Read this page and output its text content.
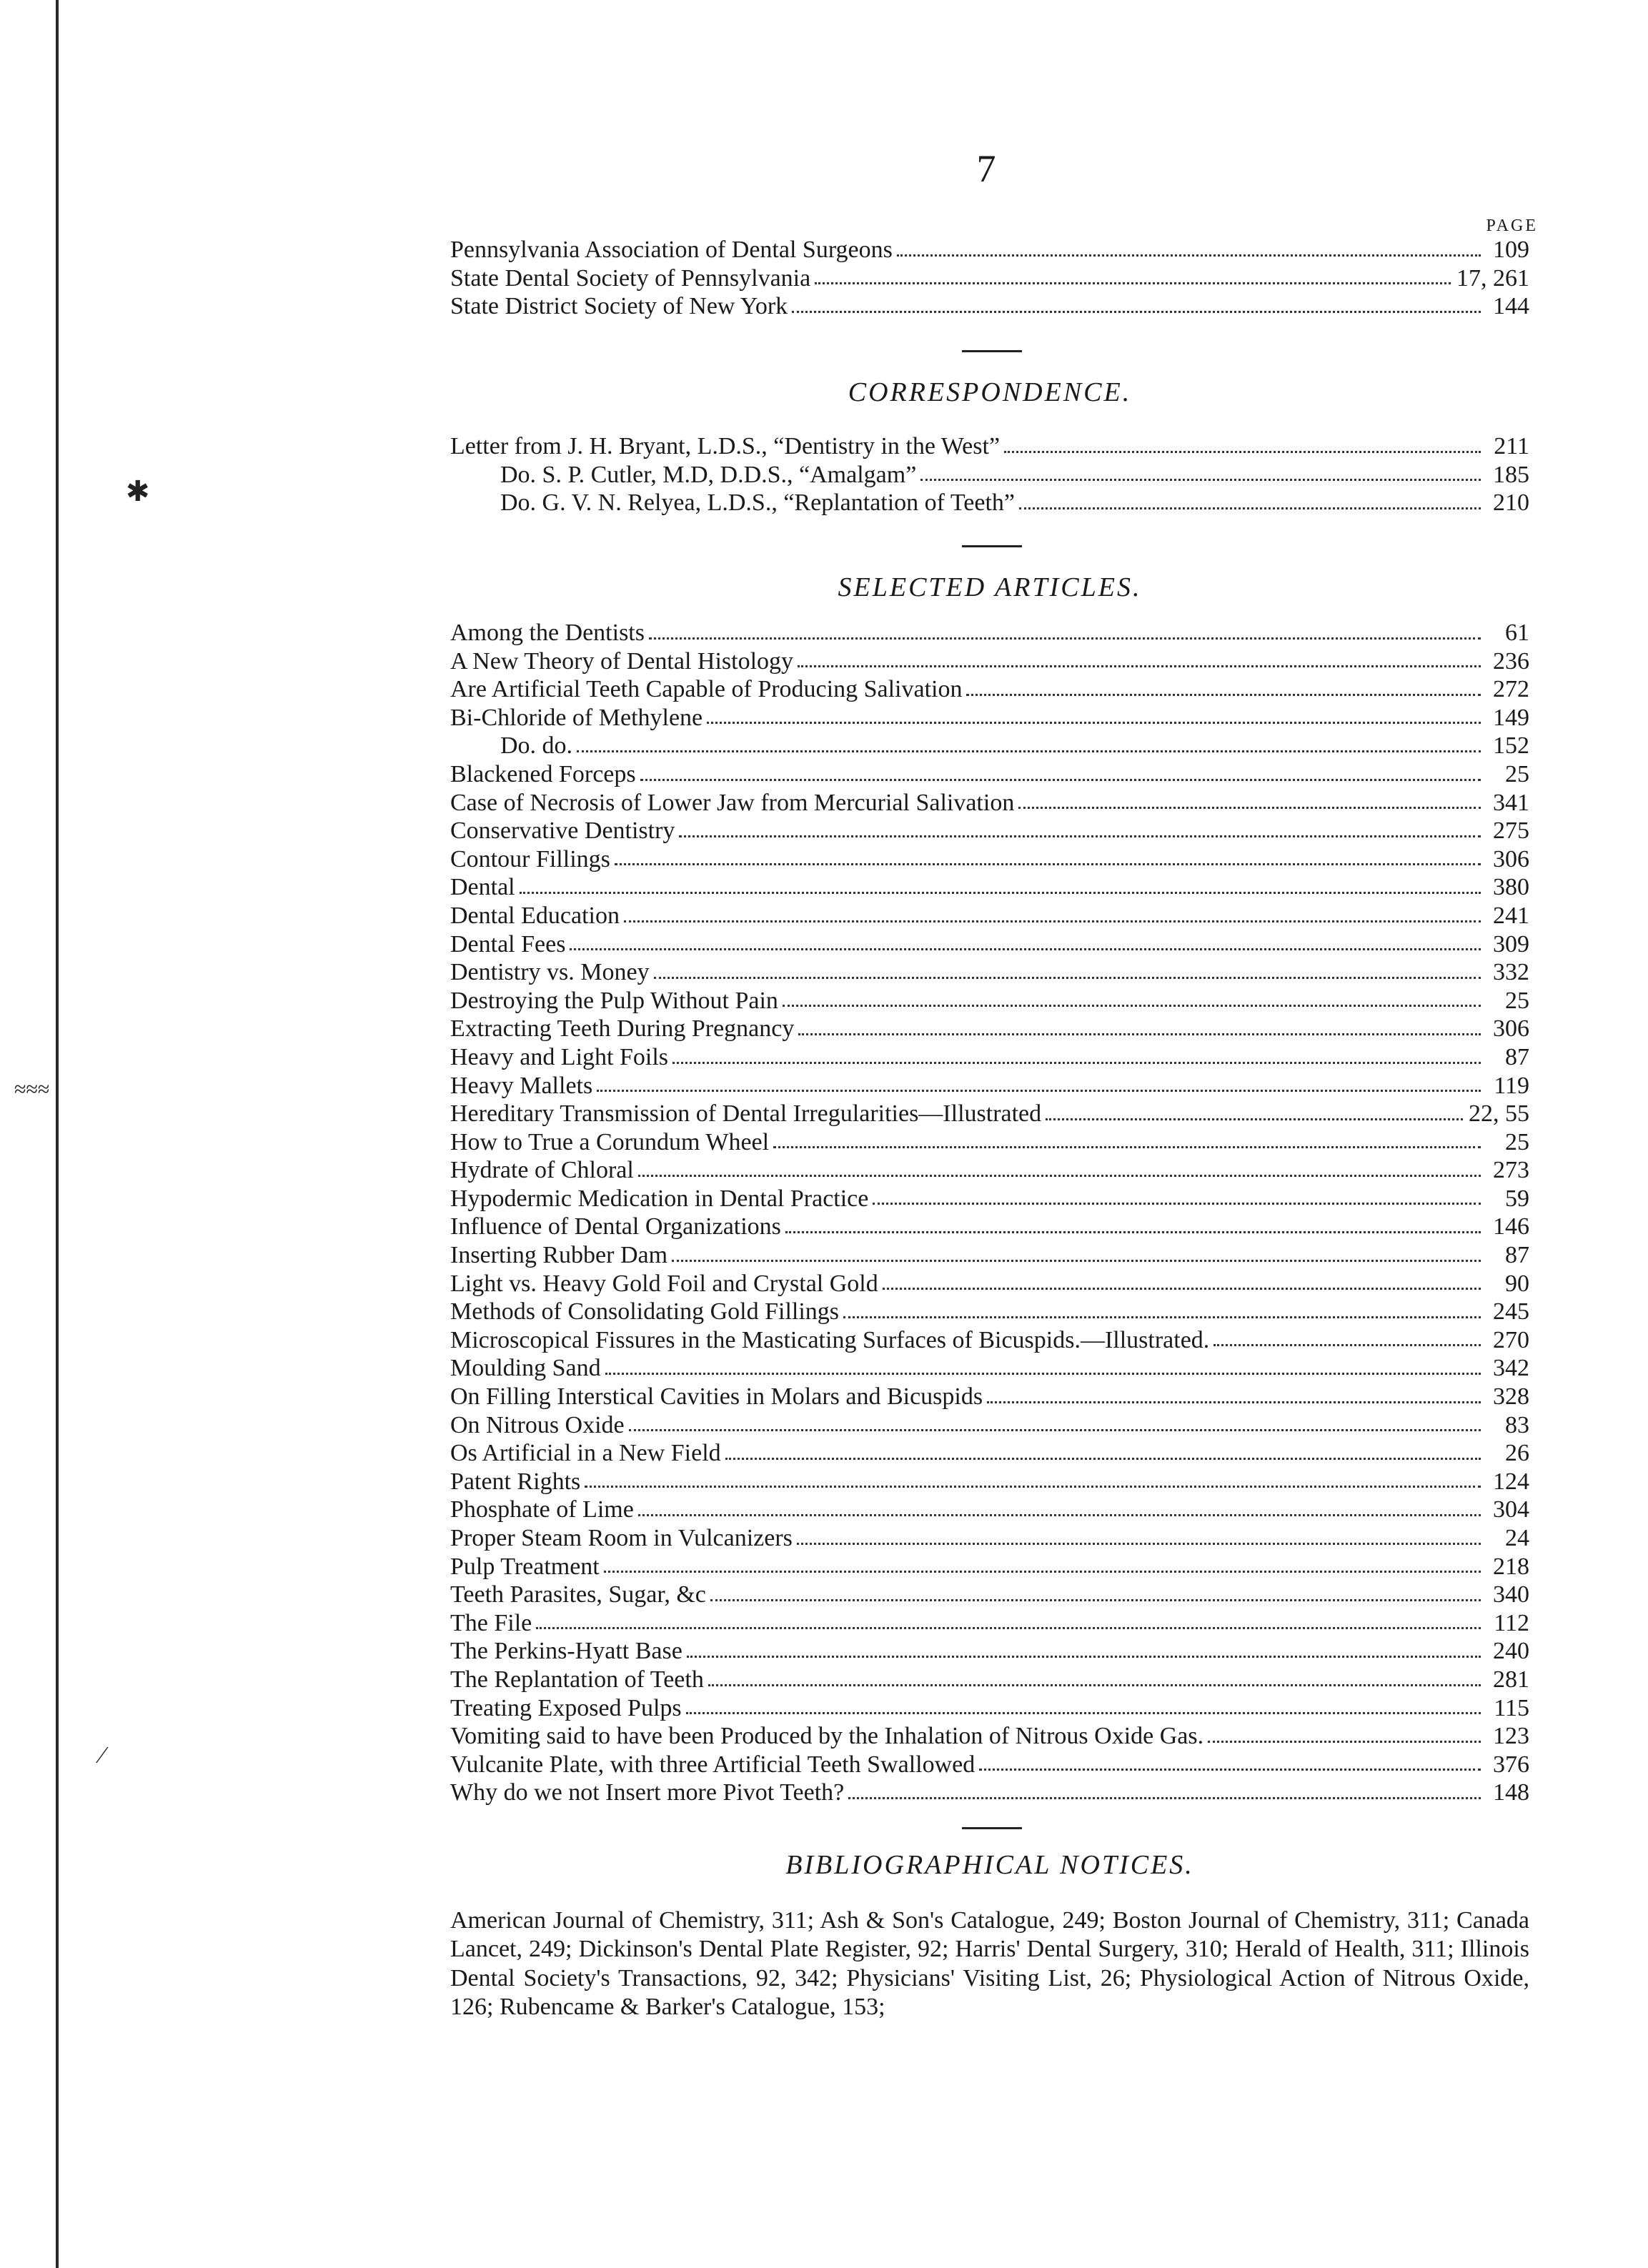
✱
≈≈≈
⁄
7
PAGE
Pennsylvania Association of Dental Surgeons	109
State Dental Society of Pennsylvania	17, 261
State District Society of New York	144
CORRESPONDENCE.
Letter from J. H. Bryant, L.D.S., “Dentistry in the West”	211
Do. S. P. Cutler, M.D, D.D.S., “Amalgam”	185
Do. G. V. N. Relyea, L.D.S., “Replantation of Teeth”	210
SELECTED ARTICLES.
Among the Dentists	61
A New Theory of Dental Histology	236
Are Artificial Teeth Capable of Producing Salivation	272
Bi-Chloride of Methylene	149
Do. do.	152
Blackened Forceps	25
Case of Necrosis of Lower Jaw from Mercurial Salivation	341
Conservative Dentistry	275
Contour Fillings	306
Dental	380
Dental Education	241
Dental Fees	309
Dentistry vs. Money	332
Destroying the Pulp Without Pain	25
Extracting Teeth During Pregnancy	306
Heavy and Light Foils	87
Heavy Mallets	119
Hereditary Transmission of Dental Irregularities—Illustrated	22, 55
How to True a Corundum Wheel	25
Hydrate of Chloral	273
Hypodermic Medication in Dental Practice	59
Influence of Dental Organizations	146
Inserting Rubber Dam	87
Light vs. Heavy Gold Foil and Crystal Gold	90
Methods of Consolidating Gold Fillings	245
Microscopical Fissures in the Masticating Surfaces of Bicuspids.—Illustrated.	270
Moulding Sand	342
On Filling Interstical Cavities in Molars and Bicuspids	328
On Nitrous Oxide	83
Os Artificial in a New Field	26
Patent Rights	124
Phosphate of Lime	304
Proper Steam Room in Vulcanizers	24
Pulp Treatment	218
Teeth Parasites, Sugar, &c	340
The File	112
The Perkins-Hyatt Base	240
The Replantation of Teeth	281
Treating Exposed Pulps	115
Vomiting said to have been Produced by the Inhalation of Nitrous Oxide Gas.	123
Vulcanite Plate, with three Artificial Teeth Swallowed	376
Why do we not Insert more Pivot Teeth?	148
BIBLIOGRAPHICAL NOTICES.
American Journal of Chemistry, 311; Ash & Son's Catalogue, 249; Boston Journal of Chemistry, 311; Canada Lancet, 249; Dickinson's Dental Plate Register, 92; Harris' Dental Surgery, 310; Herald of Health, 311; Illinois Dental Society's Transactions, 92, 342; Physicians' Visiting List, 26; Physiological Action of Nitrous Oxide, 126; Rubencame & Barker's Catalogue, 153;
